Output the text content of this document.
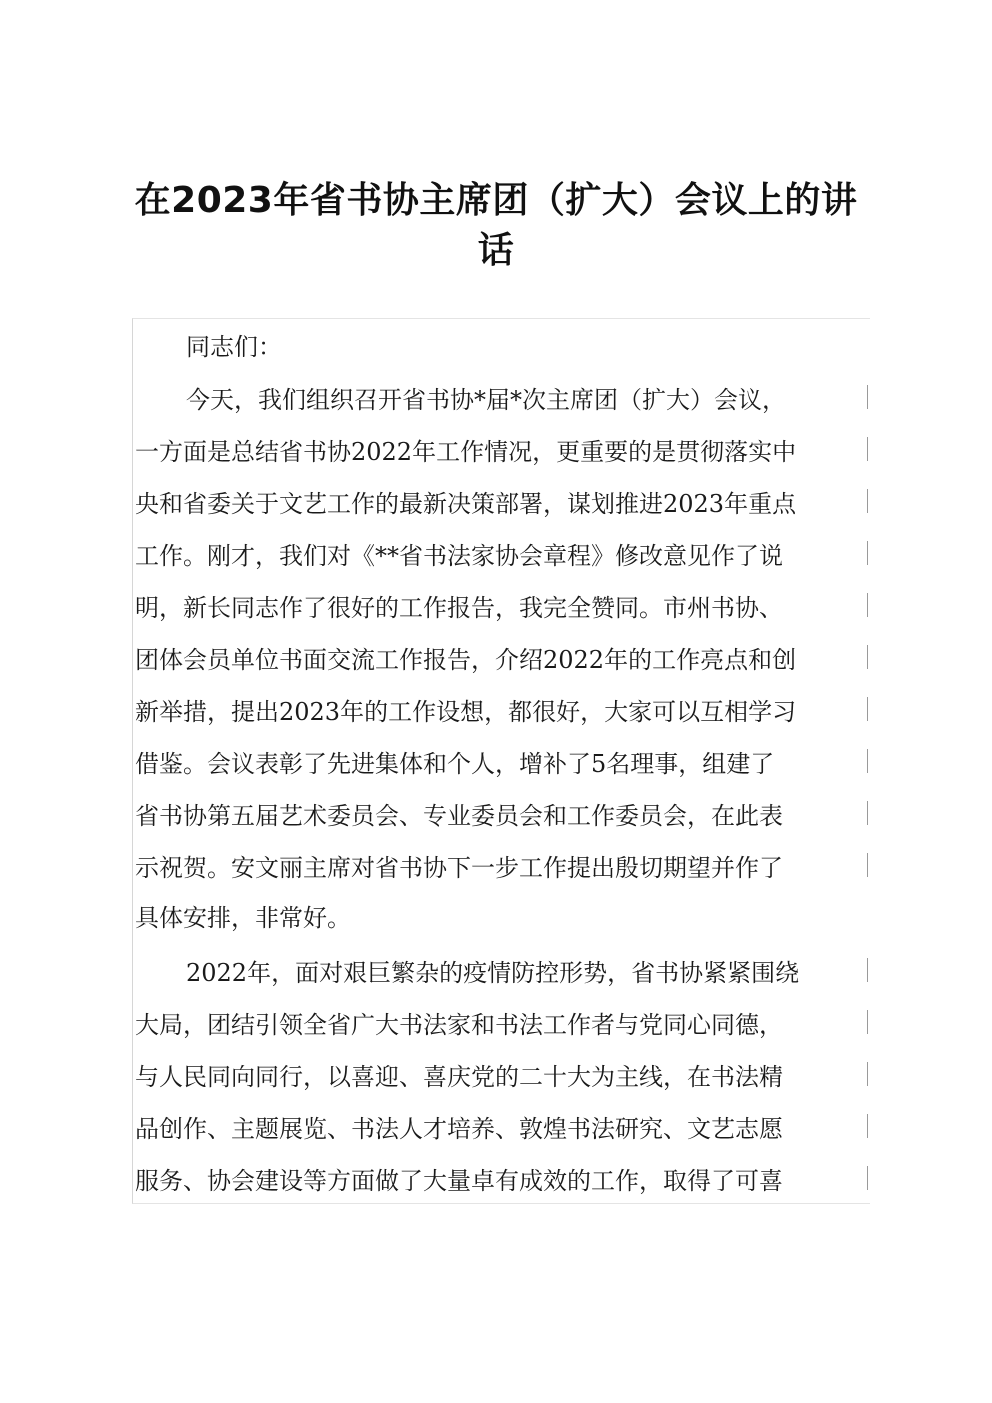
在2023年省书协主席团（扩大）会议上的讲
话
同志们：
今天，我们组织召开省书协*届*次主席团（扩大）会议，
一方面是总结省书协2022年工作情况，更重要的是贯彻落实中
央和省委关于文艺工作的最新决策部署，谋划推进2023年重点
工作。刚才，我们对《**省书法家协会章程》修改意见作了说
明，新长同志作了很好的工作报告，我完全赞同。市州书协、
团体会员单位书面交流工作报告，介绍2022年的工作亮点和创
新举措，提出2023年的工作设想，都很好，大家可以互相学习
借鉴。会议表彰了先进集体和个人，增补了5名理事，组建了
省书协第五届艺术委员会、专业委员会和工作委员会，在此表
示祝贺。安文丽主席对省书协下一步工作提出殷切期望并作了
具体安排，非常好。
2022年，面对艰巨繁杂的疫情防控形势，省书协紧紧围绕
大局，团结引领全省广大书法家和书法工作者与党同心同德，
与人民同向同行，以喜迎、喜庆党的二十大为主线，在书法精
品创作、主题展览、书法人才培养、敦煌书法研究、文艺志愿
服务、协会建设等方面做了大量卓有成效的工作，取得了可喜
